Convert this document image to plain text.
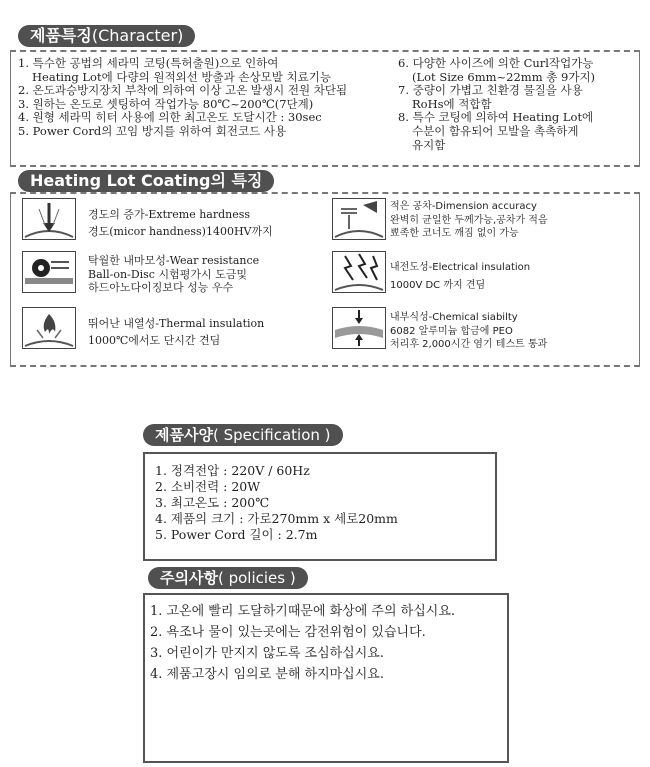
제품특징(Character)
1. 특수한 공법의 세라믹 코팅(특허출원)으로 인하여
Heating Lot에 다량의 원적외선 방출과 손상모발 치료기능
2. 온도과승방지장치 부착에 의하여 이상 고온 발생시 전원 차단됨
3. 원하는 온도로 셋팅하여 작업가능 80℃~200℃(7단계)
4. 원형 세라믹 히터 사용에 의한 최고온도 도달시간 : 30sec
5. Power Cord의 꼬임 방지를 위하여 회전코드 사용
6. 다양한 사이즈에 의한 Curl작업가능
(Lot Size 6mm~22mm 총 9가지)
7. 중량이 가볍고 친환경 물질을 사용
RoHs에 적합함
8. 특수 코팅에 의하여 Heating Lot에
수분이 함유되어 모발을 촉촉하게
유지함
Heating Lot Coating의 특징
경도의 증가-Extreme hardness
경도(micor handness)1400HV까지
탁월한 내마모성-Wear resistance
Ball-on-Disc 시험평가시 도금및
하드아노다이징보다 성능 우수
뛰어난 내열성-Thermal insulation
1000℃에서도 단시간 견딤
적은 공차-Dimension accuracy
완벽히 균일한 두께가능,공차가 적음
뾰족한 코너도 깨짐 없이 가능
내전도성-Electrical insulation
1000V DC 까지 견딤
내부식성-Chemical siabilty
6082 알루미늄 합금에 PEO
처리후 2,000시간 염기 테스트 통과
제품사양( Specification )
1. 정격전압 : 220V / 60Hz
2. 소비전력 : 20W
3. 최고온도 : 200℃
4. 제품의 크기 : 가로270mm x 세로20mm
5. Power Cord 길이 : 2.7m
주의사항( policies )
1. 고온에 빨리 도달하기때문에 화상에 주의 하십시요.
2. 욕조나 물이 있는곳에는 감전위험이 있습니다.
3. 어린이가 만지지 않도록 조심하십시요.
4. 제품고장시 임의로 분해 하지마십시요.
